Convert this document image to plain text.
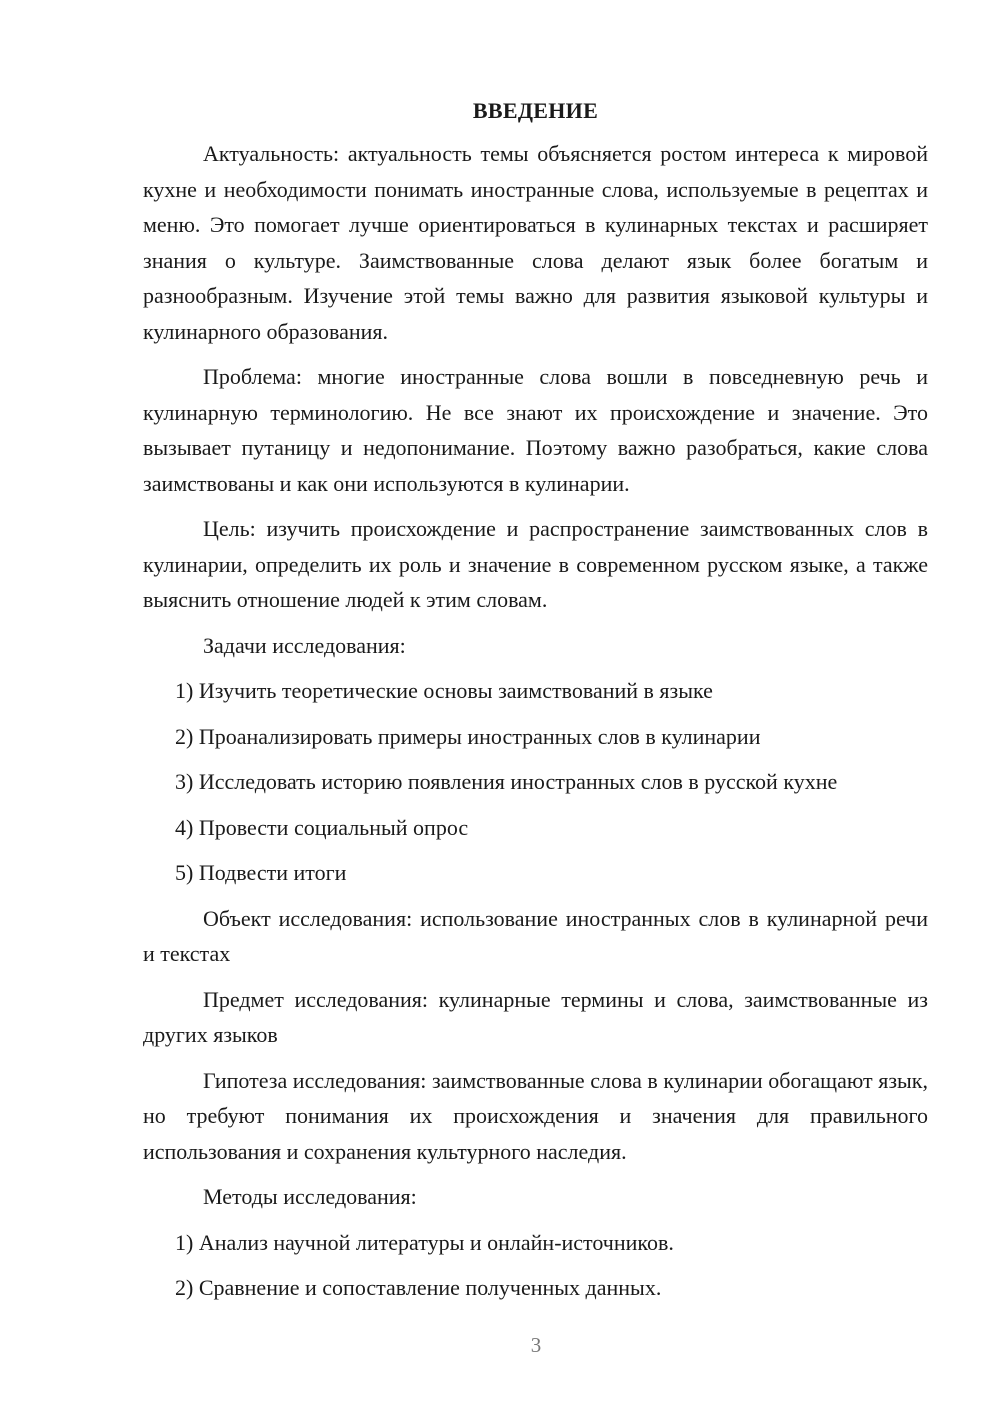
ВВЕДЕНИЕ

Актуальность: актуальность темы объясняется ростом интереса к мировой кухне и необходимости понимать иностранные слова, используемые в рецептах и меню. Это помогает лучше ориентироваться в кулинарных текстах и расширяет знания о культуре. Заимствованные слова делают язык более богатым и разнообразным. Изучение этой темы важно для развития языковой культуры и кулинарного образования.

Проблема: многие иностранные слова вошли в повседневную речь и кулинарную терминологию. Не все знают их происхождение и значение. Это вызывает путаницу и недопонимание. Поэтому важно разобраться, какие слова заимствованы и как они используются в кулинарии.

Цель: изучить происхождение и распространение заимствованных слов в кулинарии, определить их роль и значение в современном русском языке, а также выяснить отношение людей к этим словам.

Задачи исследования:
1) Изучить теоретические основы заимствований в языке
2) Проанализировать примеры иностранных слов в кулинарии
3) Исследовать историю появления иностранных слов в русской кухне
4) Провести социальный опрос
5) Подвести итоги

Объект исследования: использование иностранных слов в кулинарной речи и текстах

Предмет исследования: кулинарные термины и слова, заимствованные из других языков

Гипотеза исследования: заимствованные слова в кулинарии обогащают язык, но требуют понимания их происхождения и значения для правильного использования и сохранения культурного наследия.

Методы исследования:
1) Анализ научной литературы и онлайн-источников.
2) Сравнение и сопоставление полученных данных.
3
